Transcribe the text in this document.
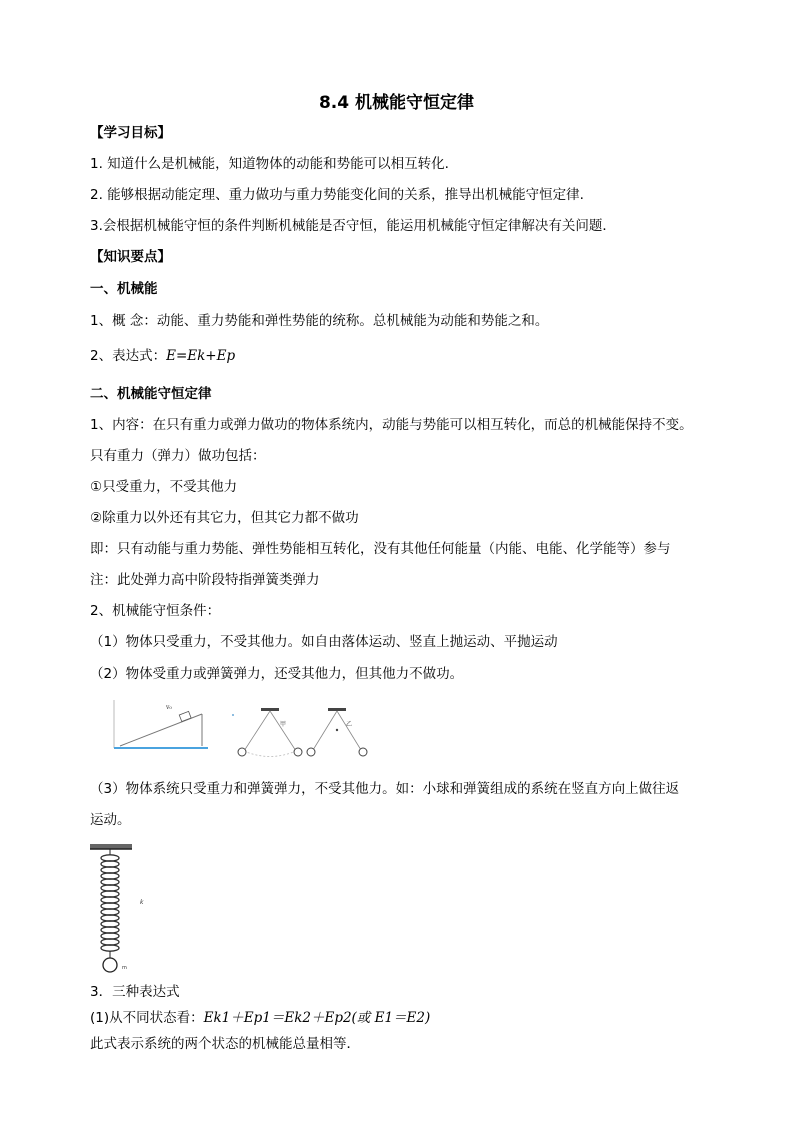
8.4 机械能守恒定律
【学习目标】
1. 知道什么是机械能，知道物体的动能和势能可以相互转化.
2. 能够根据动能定理、重力做功与重力势能变化间的关系，推导出机械能守恒定律.
3.会根据机械能守恒的条件判断机械能是否守恒，能运用机械能守恒定律解决有关问题．
【知识要点】
一、机械能
1、概 念：动能、重力势能和弹性势能的统称。总机械能为动能和势能之和。
2、表达式：E=Ek+Ep
二、机械能守恒定律
1、内容：在只有重力或弹力做功的物体系统内，动能与势能可以相互转化，而总的机械能保持不变。
只有重力（弹力）做功包括：
①只受重力，不受其他力
②除重力以外还有其它力，但其它力都不做功
即：只有动能与重力势能、弹性势能相互转化，没有其他任何能量（内能、电能、化学能等）参与
注：此处弹力高中阶段特指弹簧类弹力
2、机械能守恒条件：
（1）物体只受重力，不受其他力。如自由落体运动、竖直上抛运动、平抛运动
（2）物体受重力或弹簧弹力，还受其他力，但其他力不做功。
v₀
甲	乙
（3）物体系统只受重力和弹簧弹力，不受其他力。如：小球和弹簧组成的系统在竖直方向上做往返
运动。
k
m
3．三种表达式
(1)从不同状态看：Ek1＋Ep1＝Ek2＋Ep2(或 E1＝E2)
此式表示系统的两个状态的机械能总量相等．
